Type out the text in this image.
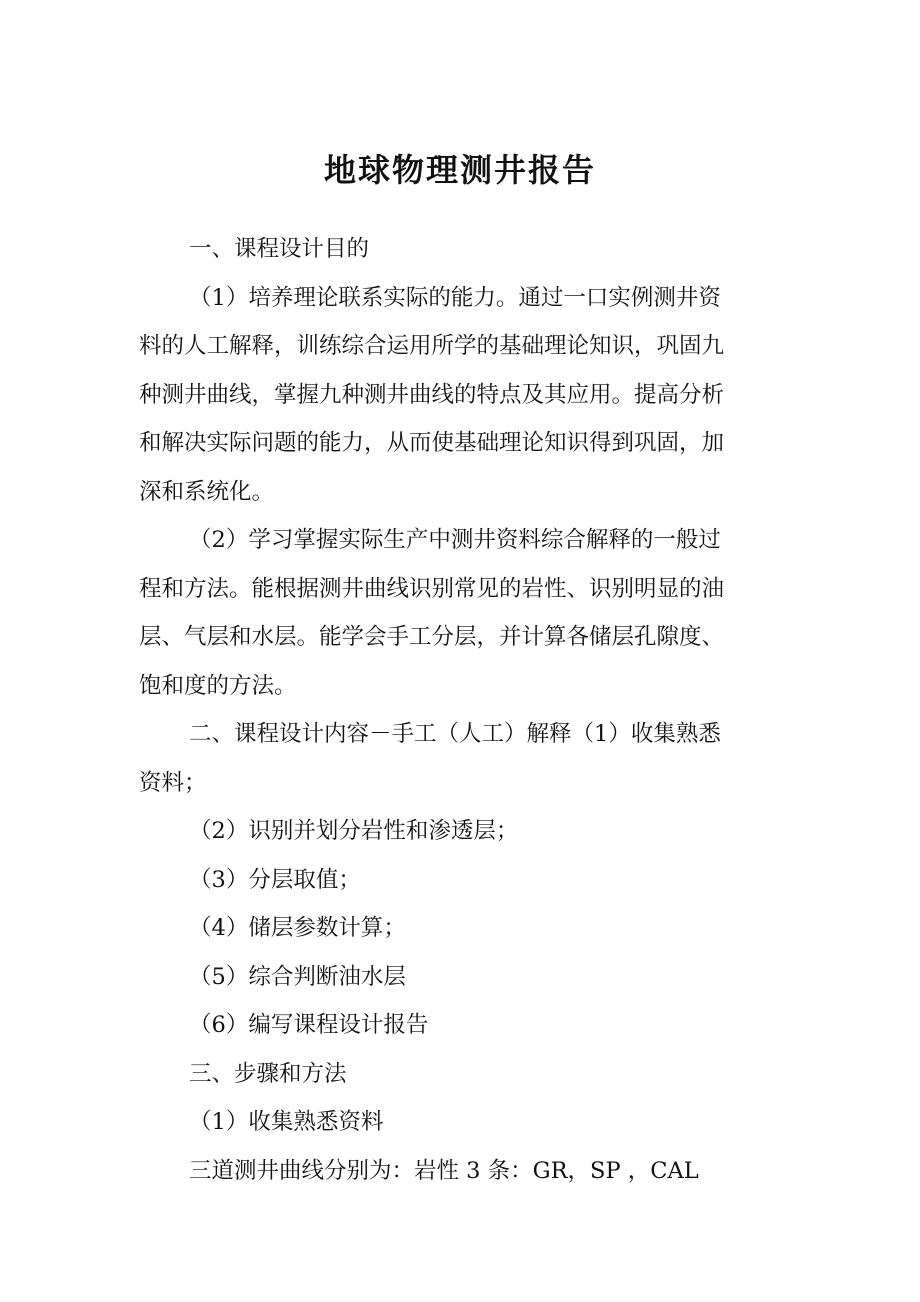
地球物理测井报告

一、课程设计目的

（1）培养理论联系实际的能力。通过一口实例测井资

料的人工解释，训练综合运用所学的基础理论知识，巩固九

种测井曲线，掌握九种测井曲线的特点及其应用。提高分析

和解决实际问题的能力，从而使基础理论知识得到巩固，加

深和系统化。

（2）学习掌握实际生产中测井资料综合解释的一般过

程和方法。能根据测井曲线识别常见的岩性、识别明显的油

层、气层和水层。能学会手工分层，并计算各储层孔隙度、

饱和度的方法。

二、课程设计内容－手工（人工）解释（1）收集熟悉

资料；

（2）识别并划分岩性和渗透层；

（3）分层取值；

（4）储层参数计算；

（5）综合判断油水层

（6）编写课程设计报告

三、步骤和方法

（1）收集熟悉资料

三道测井曲线分别为：岩性 3 条：GR，SP ，CAL
